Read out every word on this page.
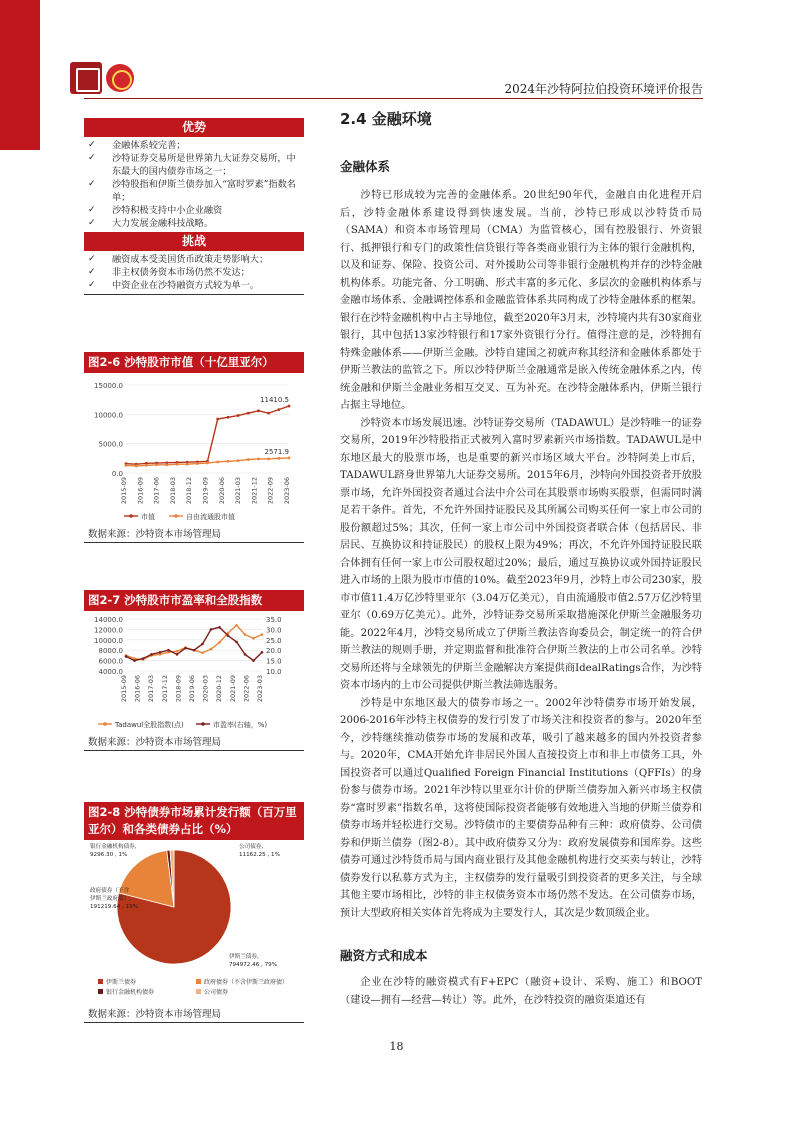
2024年沙特阿拉伯投资环境评价报告
优势
✓ 金融体系较完善；
✓ 沙特证券交易所是世界第九大证券交易所，中东最大的国内债券市场之一；
✓ 沙特股指和伊斯兰债券加入“富时罗素”指数名单；
✓ 沙特积极支持中小企业融资
✓ 大力发展金融科技战略。
挑战
✓ 融资成本受美国货币政策走势影响大；
✓ 非主权债务资本市场仍然不发达；
✓ 中资企业在沙特融资方式较为单一。
图2-6 沙特股市市值（十亿里亚尔）
15000.0
10000.0
5000.0
0.0
2015-09 2016-09 2017-06 2018-03 2018-12 2019-09 2020-06 2021-03 2021-12 2022-09 2023-06
11410.5
2571.9
市值	自由流通股市值
数据来源：沙特资本市场管理局
图2-7 沙特股市市盈率和全股指数
14000.0
12000.0
10000.0
8000.0
6000.0
4000.0
35.0
30.0
25.0
20.0
15.0
10.0
2015-09 2016-06 2017-03 2017-12 2018-09 2019-06 2020-03 2020-12 2021-09 2022-06 2023-03
Tadawul全股指数(点)	市盈率(右轴，%)
数据来源：沙特资本市场管理局
图2-8 沙特债券市场累计发行额（百万里亚尔）和各类债券占比（%）
伊斯兰债券,
794972.46 , 79%
政府债券（不含
伊斯兰政府债）,
191219.64 , 19%
银行金融机构债券,
9296.30 , 1%
公司债券,
11162.25 , 1%
伊斯兰债券	政府债券（不含伊斯兰政府债）
银行金融机构债券	公司债券
数据来源：沙特资本市场管理局
2.4 金融环境
金融体系

沙特已形成较为完善的金融体系。20世纪90年代，金融自由化进程开启后，沙特金融体系建设得到快速发展。当前，沙特已形成以沙特货币局（SAMA）和资本市场管理局（CMA）为监管核心，国有控股银行、外资银行、抵押银行和专门的政策性信贷银行等各类商业银行为主体的银行金融机构，以及和证券、保险、投资公司、对外援助公司等非银行金融机构并存的沙特金融机构体系。功能完备、分工明确、形式丰富的多元化、多层次的金融机构体系与金融市场体系、金融调控体系和金融监管体系共同构成了沙特金融体系的框架。银行在沙特金融机构中占主导地位，截至2020年3月末，沙特境内共有30家商业银行，其中包括13家沙特银行和17家外资银行分行。值得注意的是，沙特拥有特殊金融体系——伊斯兰金融。沙特自建国之初就声称其经济和金融体系都处于伊斯兰教法的监管之下。所以沙特伊斯兰金融通常是嵌入传统金融体系之内，传统金融和伊斯兰金融业务相互交叉、互为补充。在沙特金融体系内，伊斯兰银行占据主导地位。

沙特资本市场发展迅速。沙特证券交易所（TADAWUL）是沙特唯一的证券交易所，2019年沙特股指正式被列入富时罗素新兴市场指数。TADAWUL是中东地区最大的股票市场，也是重要的新兴市场区域大平台。沙特阿美上市后，TADAWUL跻身世界第九大证券交易所。2015年6月，沙特向外国投资者开放股票市场，允许外国投资者通过合法中介公司在其股票市场购买股票，但需同时满足若干条件。首先，不允许外国持证股民及其所属公司购买任何一家上市公司的股份额超过5%；其次，任何一家上市公司中外国投资者联合体（包括居民、非居民、互换协议和持证股民）的股权上限为49%；再次，不允许外国持证股民联合体拥有任何一家上市公司股权超过20%；最后，通过互换协议或外国持证股民进入市场的上限为股市市值的10%。截至2023年9月，沙特上市公司230家，股市市值11.4万亿沙特里亚尔（3.04万亿美元），自由流通股市值2.57万亿沙特里亚尔（0.69万亿美元）。此外，沙特证券交易所采取措施深化伊斯兰金融服务功能。2022年4月，沙特交易所成立了伊斯兰教法咨询委员会，制定统一的符合伊斯兰教法的规则手册，并定期监督和批准符合伊斯兰教法的上市公司名单。沙特交易所还将与全球领先的伊斯兰金融解决方案提供商IdealRatings合作，为沙特资本市场内的上市公司提供伊斯兰教法筛选服务。

沙特是中东地区最大的债券市场之一。2002年沙特债券市场开始发展，2006-2016年沙特主权债券的发行引发了市场关注和投资者的参与。2020年至今，沙特继续推动债券市场的发展和改革，吸引了越来越多的国内外投资者参与。2020年，CMA开始允许非居民外国人直接投资上市和非上市债务工具，外国投资者可以通过Qualified Foreign Financial Institutions（QFFIs）的身份参与债券市场。2021年沙特以里亚尔计价的伊斯兰债券加入新兴市场主权债券“富时罗素”指数名单，这将使国际投资者能够有效地进入当地的伊斯兰债券和债券市场并轻松进行交易。沙特债市的主要债券品种有三种：政府债券、公司债券和伊斯兰债券（图2-8）。其中政府债券又分为：政府发展债券和国库券。这些债券可通过沙特货币局与国内商业银行及其他金融机构进行交买卖与转让，沙特债券发行以私募方式为主，主权债券的发行量吸引到投资者的更多关注，与全球其他主要市场相比，沙特的非主权债务资本市场仍然不发达。在公司债券市场，预计大型政府相关实体首先将成为主要发行人，其次是少数顶级企业。

融资方式和成本

企业在沙特的融资模式有F+EPC（融资+设计、采购、施工）和BOOT（建设—拥有—经营—转让）等。此外，在沙特投资的融资渠道还有

18
